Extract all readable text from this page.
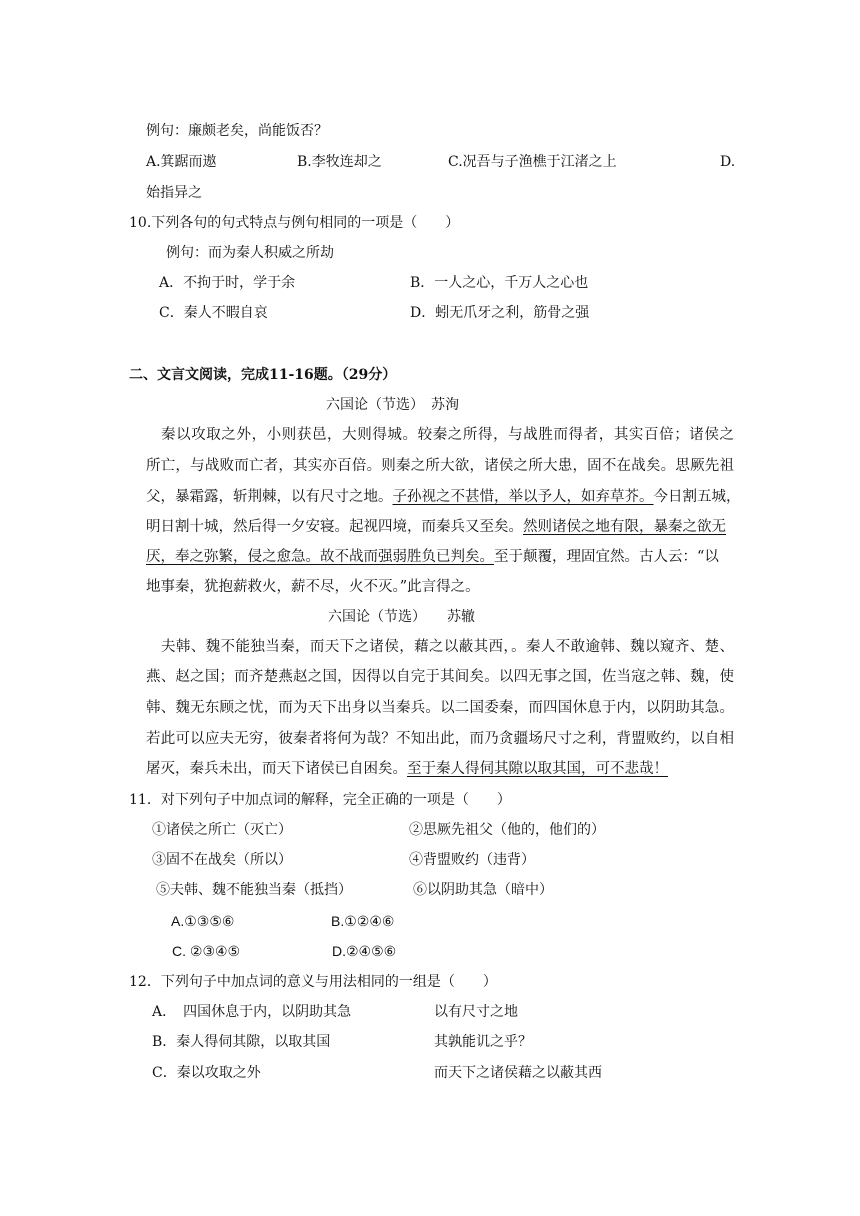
例句：廉颇老矣，尚能饭否？
A.箕踞而遨	B.李牧连却之	C.况吾与子渔樵于江渚之上	D.
始指异之
10.下列各句的句式特点与例句相同的一项是（　　）
例句：而为秦人积威之所劫
A．不拘于时，学于余	B．一人之心，千万人之心也
C．秦人不暇自哀	D．蚓无爪牙之利，筋骨之强
二、文言文阅读，完成11-16题。（29分）
六国论（节选）　苏洵
秦以攻取之外，小则获邑，大则得城。较秦之所得，与战胜而得者，其实百倍；诸侯之
所亡，与战败而亡者，其实亦百倍。则秦之所大欲，诸侯之所大患，固不在战矣。思厥先祖
父，暴霜露，斩荆棘，以有尺寸之地。子孙视之不甚惜，举以予人，如弃草芥。今日割五城，
明日割十城，然后得一夕安寝。起视四境，而秦兵又至矣。然则诸侯之地有限，暴秦之欲无
厌，奉之弥繁，侵之愈急。故不战而强弱胜负已判矣。至于颠覆，理固宜然。古人云：“以
地事秦，犹抱薪救火，薪不尽，火不灭。”此言得之。
六国论（节选）　　苏辙
夫韩、魏不能独当秦，而天下之诸侯，藉之以蔽其西，。秦人不敢逾韩、魏以窥齐、楚、
燕、赵之国；而齐楚燕赵之国，因得以自完于其间矣。以四无事之国，佐当寇之韩、魏，使
韩、魏无东顾之忧，而为天下出身以当秦兵。以二国委秦，而四国休息于内，以阴助其急。
若此可以应夫无穷，彼秦者将何为哉？不知出此，而乃贪疆场尺寸之利，背盟败约，以自相
屠灭，秦兵未出，而天下诸侯已自困矣。至于秦人得伺其隙以取其国，可不悲哉！
11．对下列句子中加点词的解释，完全正确的一项是（　　）
①诸侯之所亡（灭亡）	②思厥先祖父（他的，他们的）
③固不在战矣（所以）	④背盟败约（违背）
⑤夫韩、魏不能独当秦（抵挡）	⑥以阴助其急（暗中）
A.①③⑤⑥	B.①②④⑥
C. ②③④⑤	D.②④⑤⑥
12．下列句子中加点词的意义与用法相同的一组是（　　）
A．　四国休息于内，以阴助其急	以有尺寸之地
B．秦人得伺其隙，以取其国	其孰能讥之乎？
C．秦以攻取之外	而天下之诸侯藉之以蔽其西
